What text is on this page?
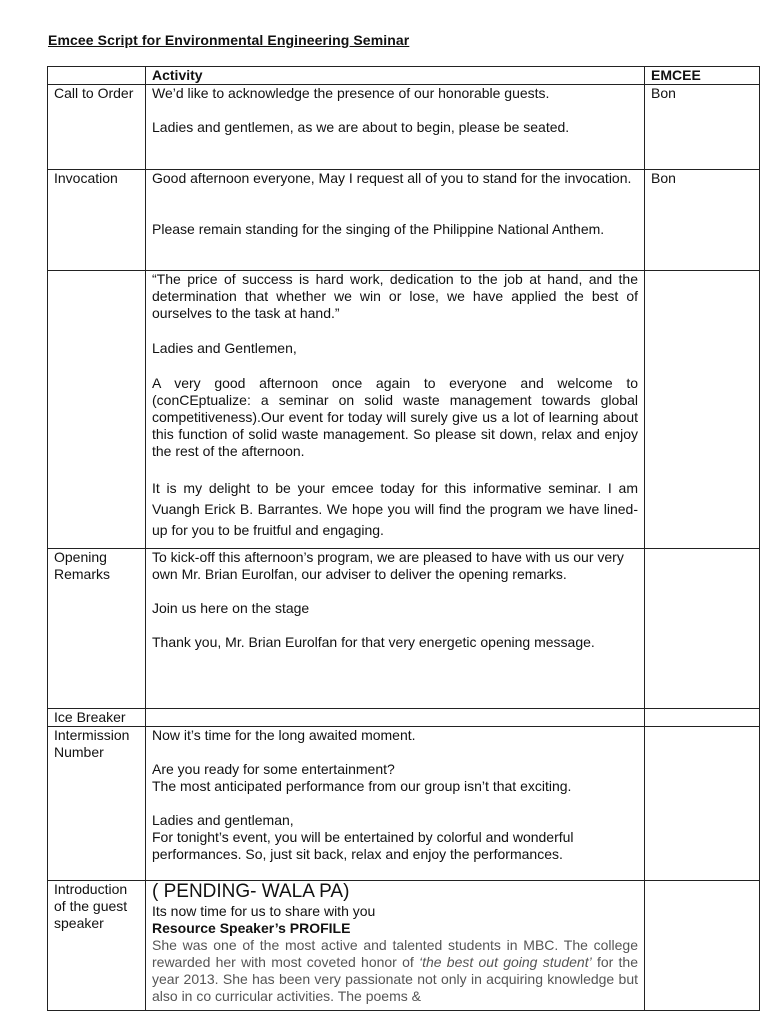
Emcee Script for Environmental Engineering Seminar
	Activity	EMCEE
Call to Order	We’d like to acknowledge the presence of our honorable guests.

Ladies and gentlemen, as we are about to begin, please be seated.	Bon
Invocation	Good afternoon everyone, May I request all of you to stand for the invocation.

Please remain standing for the singing of the Philippine National Anthem.	Bon

	“The price of success is hard work, dedication to the job at hand, and the determination that whether we win or lose, we have applied the best of ourselves to the task at hand.”

Ladies and Gentlemen,

A very good afternoon once again to everyone and welcome to (conCEptualize: a seminar on solid waste management towards global competitiveness).Our event for today will surely give us a lot of learning about this function of solid waste management. So please sit down, relax and enjoy the rest of the afternoon.

It is my delight to be your emcee today for this informative seminar. I am Vuangh Erick B. Barrantes. We hope you will find the program we have lined-up for you to be fruitful and engaging.	

Opening Remarks	To kick-off this afternoon’s program, we are pleased to have with us our very own Mr. Brian Eurolfan, our adviser to deliver the opening remarks.

Join us here on the stage

Thank you, Mr. Brian Eurolfan for that very energetic opening message.	

Ice Breaker		
Intermission Number	Now it’s time for the long awaited moment.

Are you ready for some entertainment?

The most anticipated performance from our group isn’t that exciting.

Ladies and gentleman,

For tonight’s event, you will be entertained by colorful and wonderful performances. So, just sit back, relax and enjoy the performances.	

Introduction of the guest speaker	( PENDING- WALA PA)

Its now time for us to share with you

Resource Speaker’s PROFILE

She was one of the most active and talented students in MBC. The college rewarded her with most coveted honor of ‘the best out going student’ for the year 2013. She has been very passionate not only in acquiring knowledge but also in co curricular activities. The poems &	
